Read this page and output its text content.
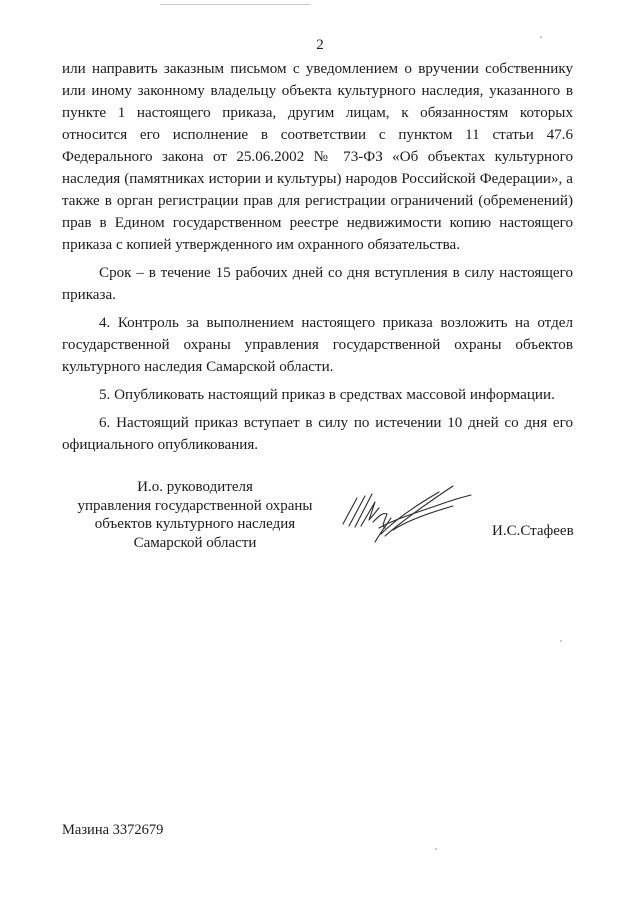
2

или направить заказным письмом с уведомлением о вручении собственнику или иному законному владельцу объекта культурного наследия, указанного в пункте 1 настоящего приказа, другим лицам, к обязанностям которых относится его исполнение в соответствии с пунктом 11 статьи 47.6 Федерального закона от 25.06.2002 № 73-ФЗ «Об объектах культурного наследия (памятниках истории и культуры) народов Российской Федерации», а также в орган регистрации прав для регистрации ограничений (обременений) прав в Едином государственном реестре недвижимости копию настоящего приказа с копией утвержденного им охранного обязательства.

Срок – в течение 15 рабочих дней со дня вступления в силу настоящего приказа.

4. Контроль за выполнением настоящего приказа возложить на отдел государственной охраны управления государственной охраны объектов культурного наследия Самарской области.

5. Опубликовать настоящий приказ в средствах массовой информации.

6. Настоящий приказ вступает в силу по истечении 10 дней со дня его официального опубликования.

И.о. руководителя
управления государственной охраны
объектов культурного наследия
Самарской области
И.С.Стафеев
Мазина 3372679
